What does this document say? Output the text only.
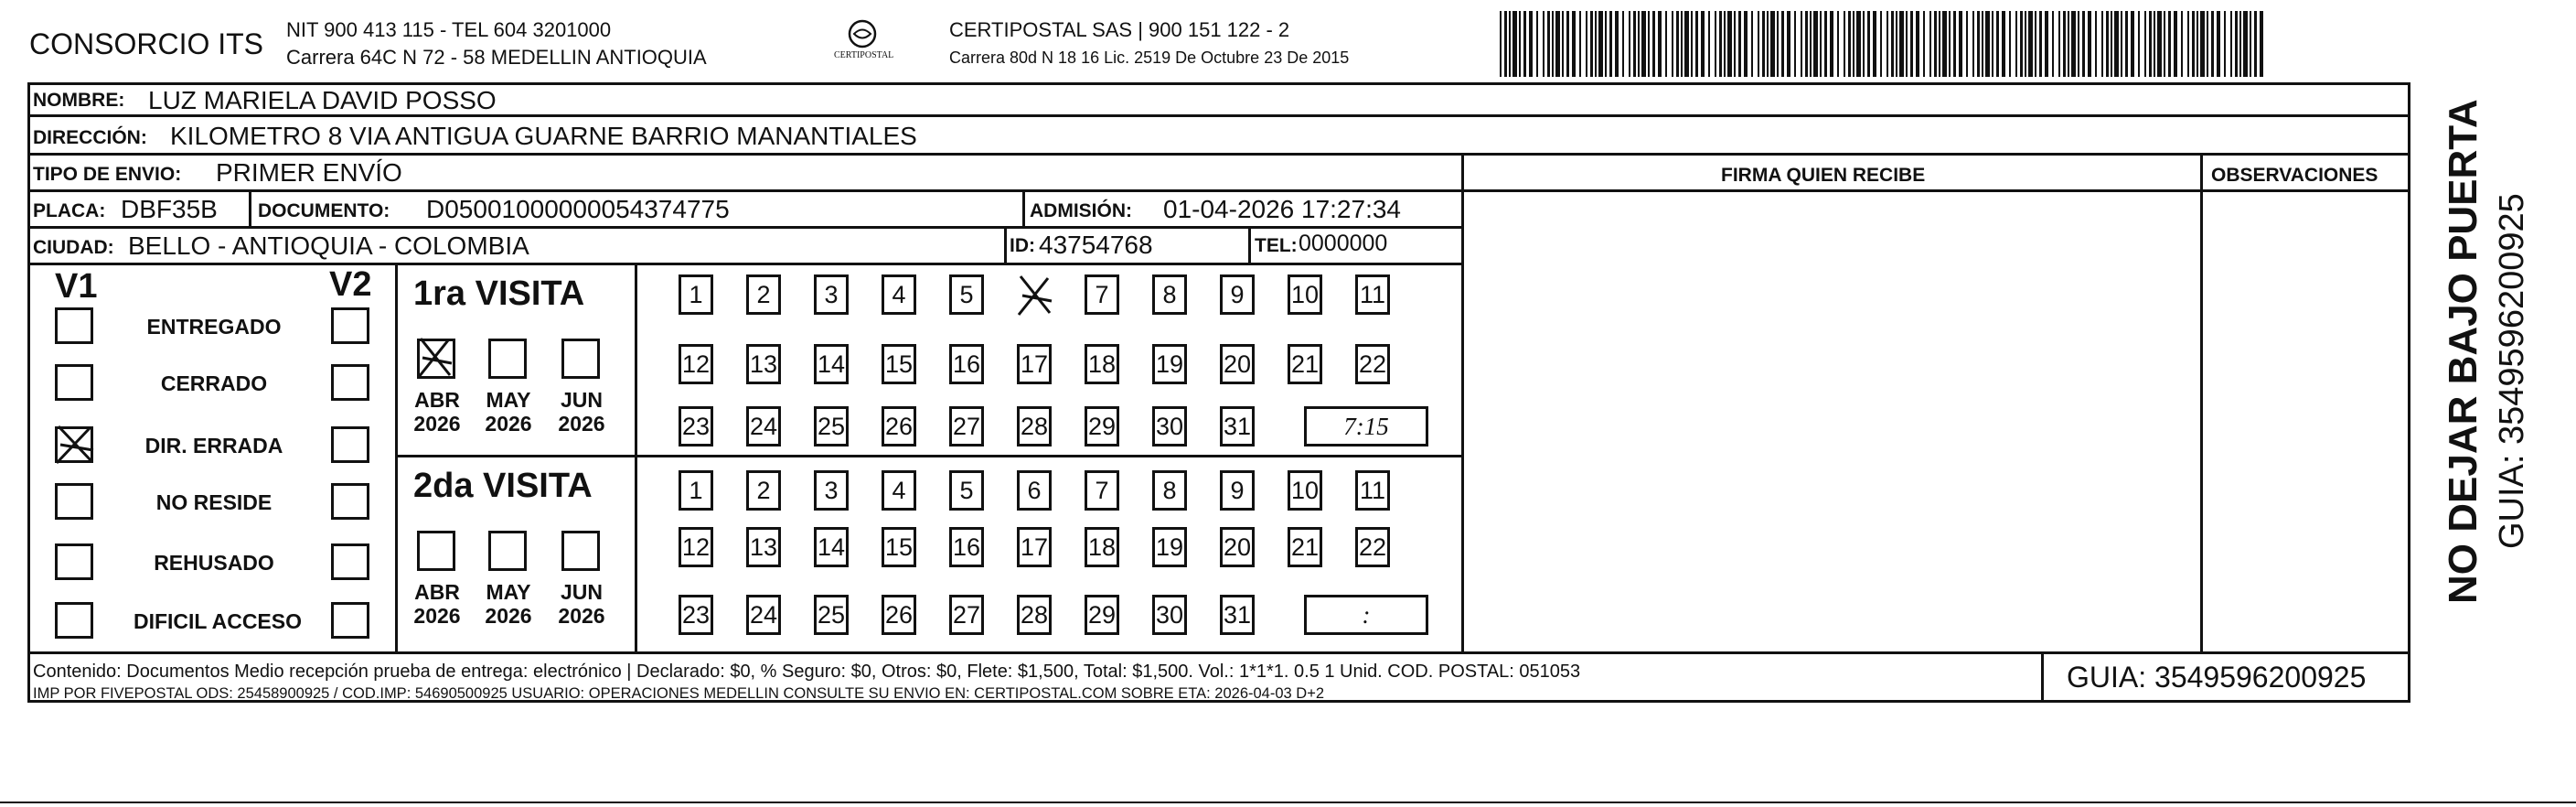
CONSORCIO ITS NIT 900 413 115 - TEL 604 3201000
Carrera 64C N 72 - 58 MEDELLIN ANTIOQUIA	CERTIPOSTAL
CERTIPOSTAL SAS | 900 151 122 - 2
Carrera 80d N 18 16 Lic. 2519 De Octubre 23 De 2015
NOMBRE: LUZ MARIELA DAVID POSSO
DIRECCIÓN: KILOMETRO 8 VIA ANTIGUA GUARNE BARRIO MANANTIALES
TIPO DE ENVIO: PRIMER ENVÍO	FIRMA QUIEN RECIBE	OBSERVACIONES
PLACA: DBF35B DOCUMENTO: D05001000000054374775	ADMISIÓN: 01-04-2026 17:27:34
CIUDAD: BELLO - ANTIOQUIA - COLOMBIA	ID: 43754768	TEL: 0000000
V1	V2
ENTREGADO
CERRADO
DIR. ERRADA
NO RESIDE
REHUSADO
DIFICIL ACCESO
1ra VISITA
2da VISITA
ABR
2026
MAY
2026
JUN
2026
ABR
2026
MAY
2026
JUN
2026
1	2	3	4	5	7	8	9	10 11
12 13 14 15 16 17 18 19 20 21 22
23 24 25 26 27 28 29 30 31	7:15
1	2	3	4	5	6	7	8	9	10 11
12 13 14 15 16 17 18 19 20 21 22
23 24 25 26 27 28 29 30 31	:
Contenido: Documentos Medio recepción prueba de entrega: electrónico | Declarado: $0, % Seguro: $0, Otros: $0, Flete: $1,500, Total: $1,500. Vol.: 1*1*1. 0.5 1 Unid. COD. POSTAL: 051053
IMP POR FIVEPOSTAL ODS: 25458900925 / COD.IMP: 54690500925 USUARIO: OPERACIONES MEDELLIN CONSULTE SU ENVIO EN: CERTIPOSTAL.COM SOBRE ETA: 2026-04-03 D+2	GUIA: 3549596200925
NO DEJAR BAJO PUERTA GUIA: 3549596200925
